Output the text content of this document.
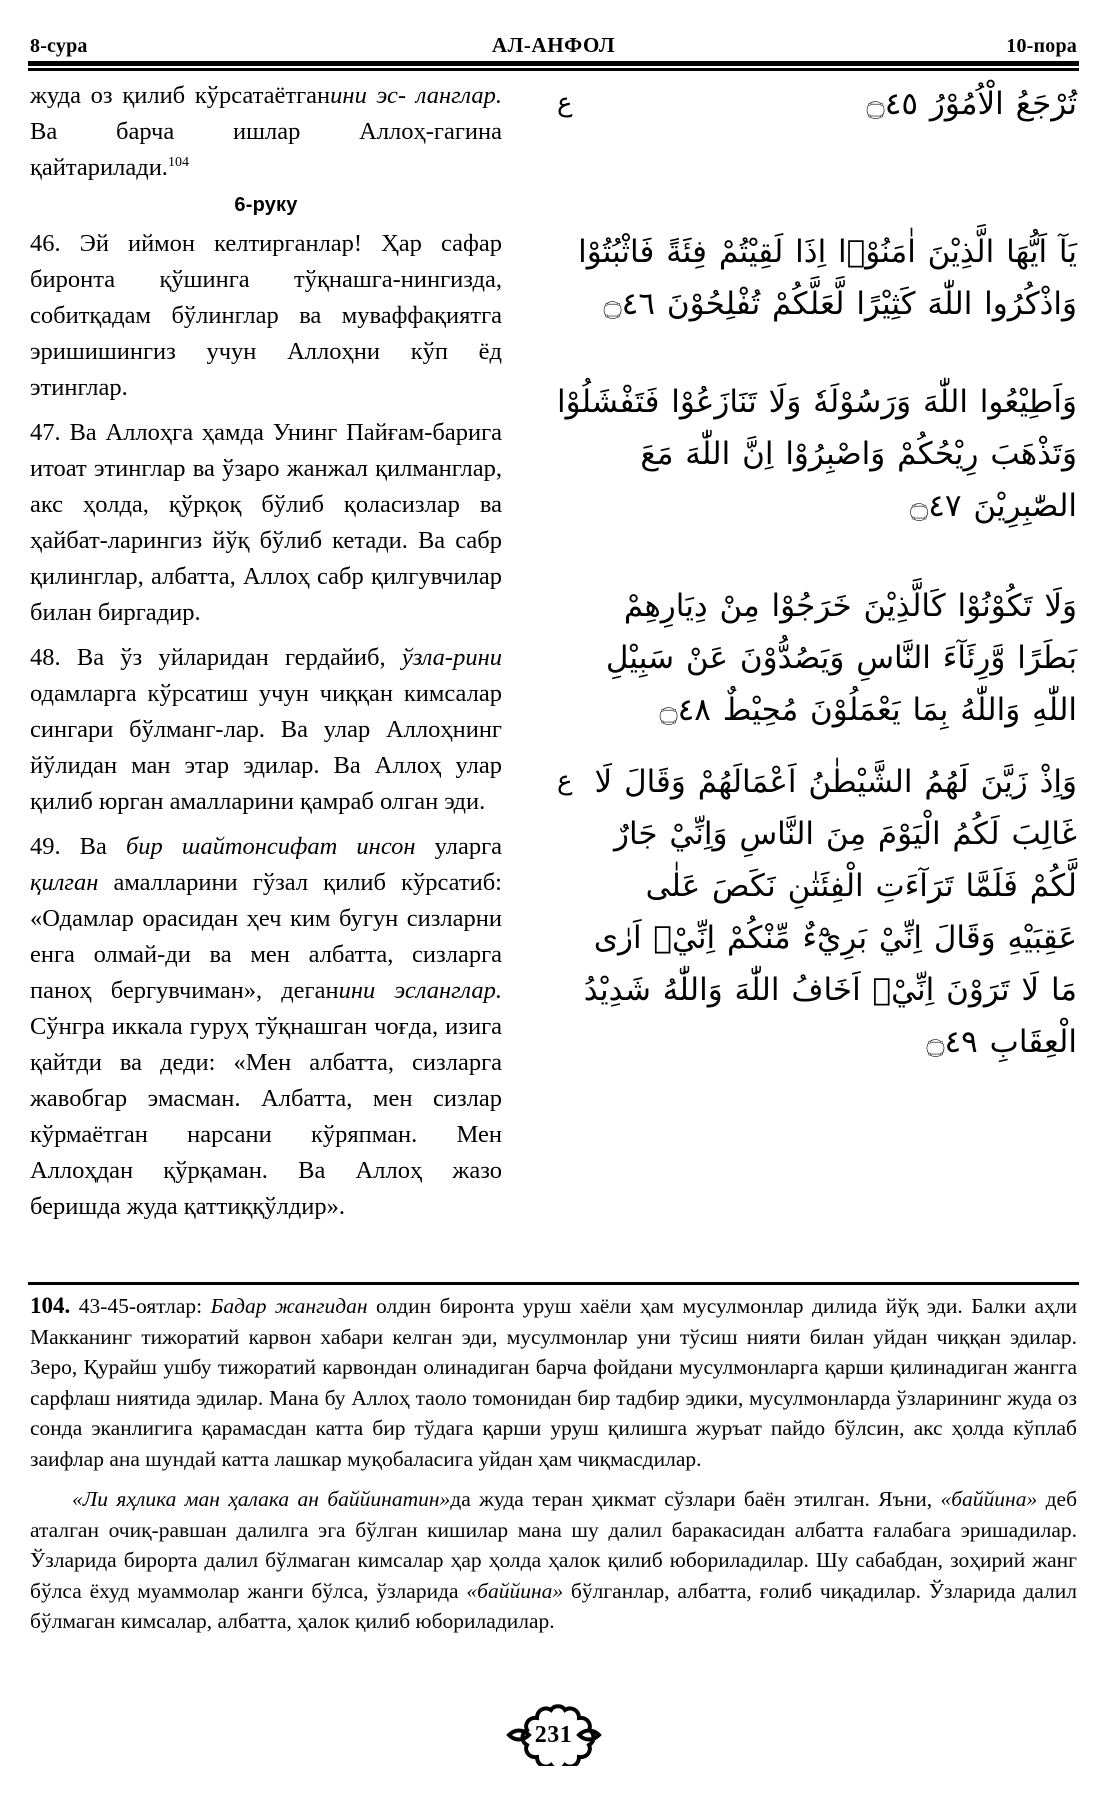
8-сура	АЛ-АНФОЛ	10-пора

жуда оз қилиб кўрсатаётганини эс- ланглар. Ва барча ишлар Аллоҳ-гагина қайтарилади.$^{104}$

6-руку

46. Эй иймон келтирганлар! Ҳар сафар биронта қўшинга тўқнашга-нингизда, собитқадам бўлинглар ва муваффақиятга эришишингиз учун Аллоҳни кўп ёд этинглар.

47. Ва Аллоҳга ҳамда Унинг Пайғам-барига итоат этинглар ва ўзаро жанжал қилманглар, акс ҳолда, қўрқоқ бўлиб қоласизлар ва ҳайбат-ларингиз йўқ бўлиб кетади. Ва сабр қилинглар, албатта, Аллоҳ сабр қилгувчилар билан биргадир.

48. Ва ўз уйларидан гердайиб, ўзла-рини одамларга кўрсатиш учун чиққан кимсалар сингари бўлманг-лар. Ва улар Аллоҳнинг йўлидан ман этар эдилар. Ва Аллоҳ улар қилиб юрган амалларини қамраб олган эди.

49. Ва бир шайтонсифат инсон уларга қилган амалларини гўзал қилиб кўрсатиб: «Одамлар орасидан ҳеч ким бугун сизларни енга олмай-ди ва мен албатта, сизларга паноҳ бергувчиман», деганини эсланглар. Сўнгра иккала гуруҳ тўқнашган чоғда, изига қайтди ва деди: «Мен албатта, сизларга жавобгар эмасман. Албатта, мен сизлар кўрмаётган нарсани кўряпман. Мен Аллоҳдан қўрқаман. Ва Аллоҳ жазо беришда жуда қаттиққўлдир».

ع	تُرْجَعُ الْاُمُوْرُ ۝٤٥
يَآ اَيُّهَا الَّذِيْنَ اٰمَنُوْۤا اِذَا لَقِيْتُمْ فِئَةً فَاثْبُتُوْا وَاذْكُرُوا اللّٰهَ كَثِيْرًا لَّعَلَّكُمْ تُفْلِحُوْنَ ۝٤٦
وَاَطِيْعُوا اللّٰهَ وَرَسُوْلَهٗ وَلَا تَنَازَعُوْا فَتَفْشَلُوْا وَتَذْهَبَ رِيْحُكُمْ وَاصْبِرُوْا اِنَّ اللّٰهَ مَعَ الصّٰبِرِيْنَ ۝٤٧
وَلَا تَكُوْنُوْا كَالَّذِيْنَ خَرَجُوْا مِنْ دِيَارِهِمْ بَطَرًا وَّرِئَآءَ النَّاسِ وَيَصُدُّوْنَ عَنْ سَبِيْلِ اللّٰهِ وَاللّٰهُ بِمَا يَعْمَلُوْنَ مُحِيْطٌ ۝٤٨
ع وَاِذْ زَيَّنَ لَهُمُ الشَّيْطٰنُ اَعْمَالَهُمْ وَقَالَ لَا غَالِبَ لَكُمُ الْيَوْمَ مِنَ النَّاسِ وَاِنِّيْ جَارٌ لَّكُمْ فَلَمَّا تَرَآءَتِ الْفِئَتٰنِ نَكَصَ عَلٰى عَقِبَيْهِ وَقَالَ اِنِّيْ بَرِيْٓءٌ مِّنْكُمْ اِنِّيْۤ اَرٰى مَا لَا تَرَوْنَ اِنِّيْۤ اَخَافُ اللّٰهَ وَاللّٰهُ شَدِيْدُ الْعِقَابِ ۝٤٩

104. 43-45-оятлар: Бадар жангидан олдин биронта уруш хаёли ҳам мусулмонлар дилида йўқ эди. Балки аҳли Макканинг тижоратий карвон хабари келган эди, мусулмонлар уни тўсиш нияти билан уйдан чиққан эдилар. Зеро, Қурайш ушбу тижоратий карвондан олинадиган барча фойдани мусулмонларга қарши қилинадиган жангга сарфлаш ниятида эдилар. Мана бу Аллоҳ таоло томонидан бир тадбир эдики, мусулмонларда ўзларининг жуда оз сонда эканлигига қарамасдан катта бир тўдага қарши уруш қилишга журъат пайдо бўлсин, акс ҳолда кўплаб заифлар ана шундай катта лашкар муқобаласига уйдан ҳам чиқмасдилар.

«Ли яҳлика ман ҳалака ан баййинатин»да жуда теран ҳикмат сўзлари баён этилган. Яъни, «баййина» деб аталган очиқ-равшан далилга эга бўлган кишилар мана шу далил баракасидан албатта ғалабага эришадилар. Ўзларида бирорта далил бўлмаган кимсалар ҳар ҳолда ҳалок қилиб юбориладилар. Шу сабабдан, зоҳирий жанг бўлса ёхуд муаммолар жанги бўлса, ўзларида «баййина» бўлганлар, албатта, ғолиб чиқадилар. Ўзларида далил бўлмаган кимсалар, албатта, ҳалок қилиб юбориладилар.

231
